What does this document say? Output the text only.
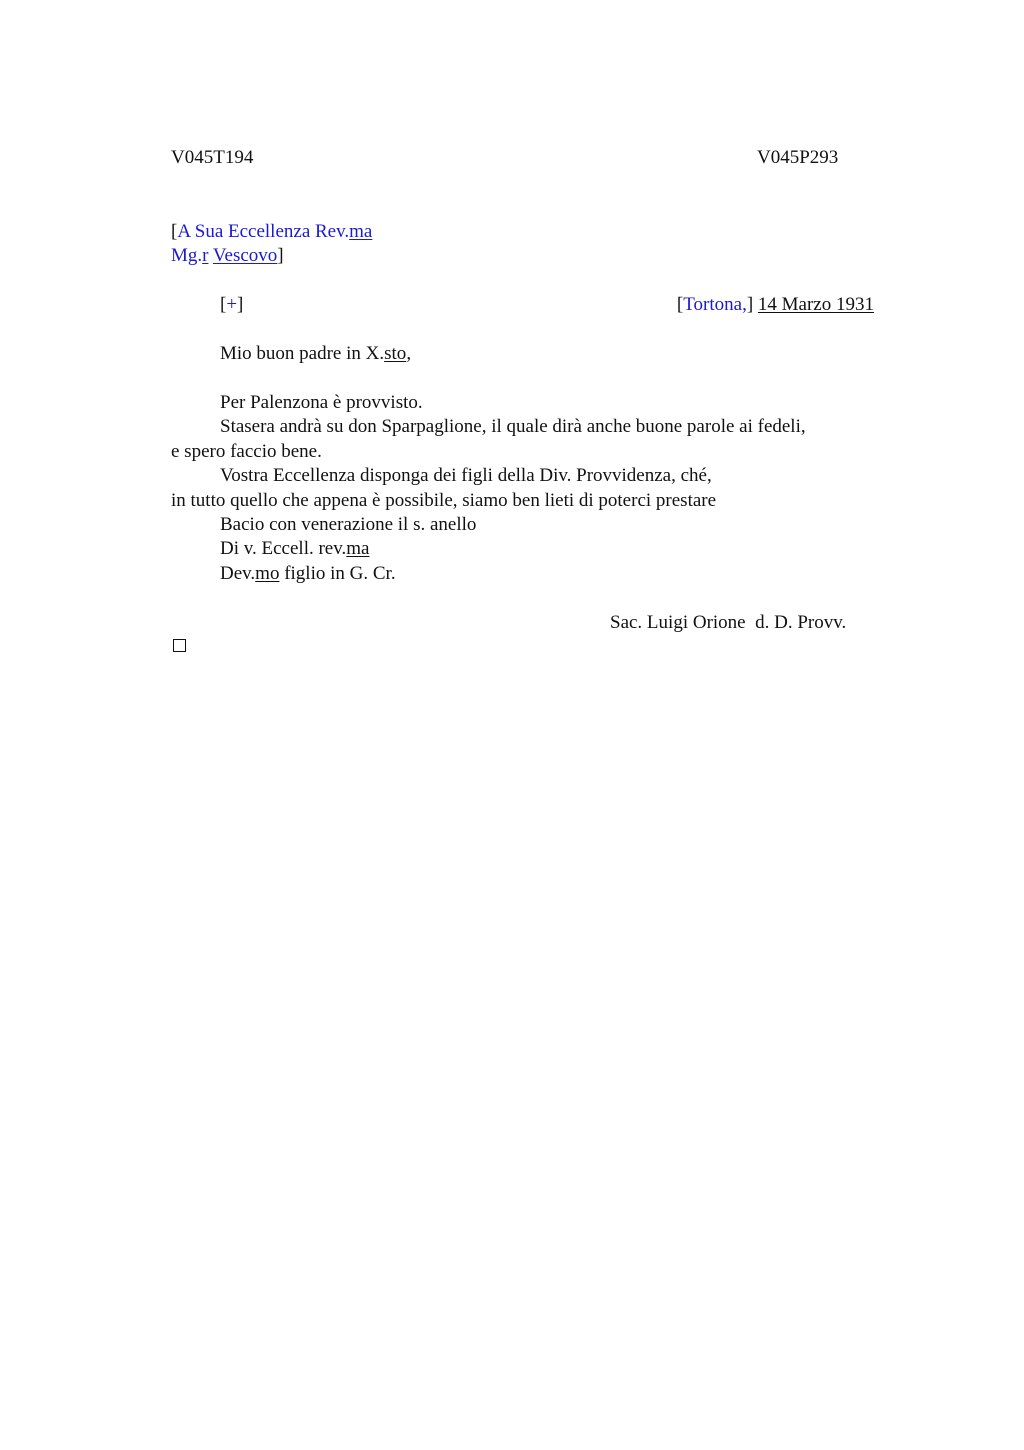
V045T194	V045P293
[A Sua Eccellenza Rev.ma
Mg.r Vescovo]
[+]	[Tortona,] 14 Marzo 1931
Mio buon padre in X.sto,
Per Palenzona è provvisto.
Stasera andrà su don Sparpaglione, il quale dirà anche buone parole ai fedeli,
e spero faccio bene.
Vostra Eccellenza disponga dei figli della Div. Provvidenza, ché,
in tutto quello che appena è possibile, siamo ben lieti di poterci prestare
Bacio con venerazione il s. anello
Di v. Eccell. rev.ma
Dev.mo figlio in G. Cr.
Sac. Luigi Orione  d. D. Provv.
